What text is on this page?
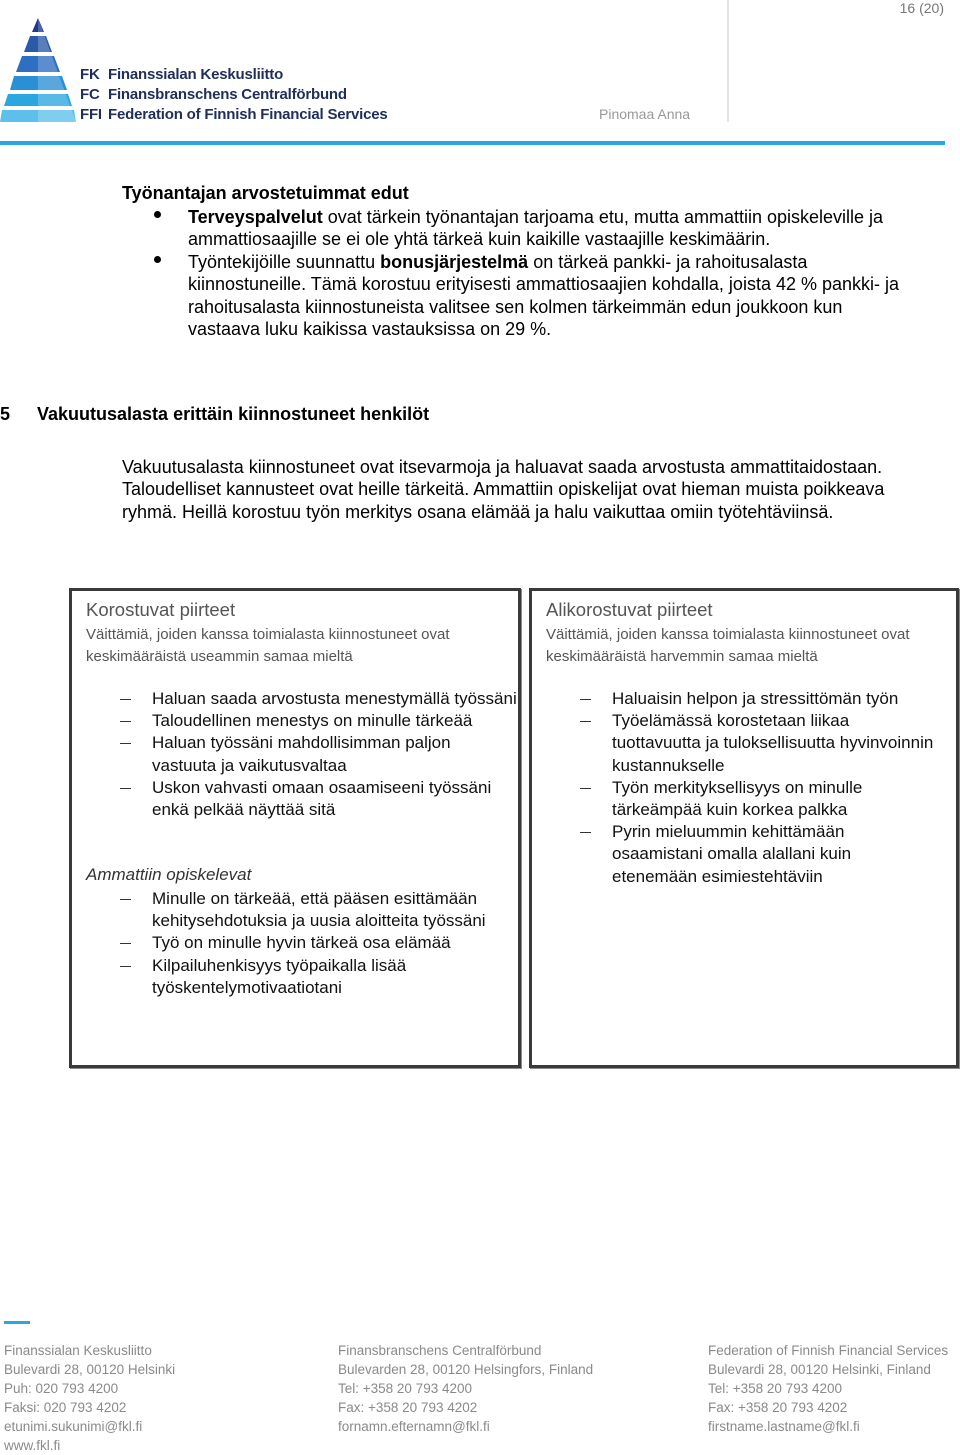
16 (20)
FK Finanssialan Keskusliitto
FC Finansbranschens Centralförbund
FFI Federation of Finnish Financial Services	Pinomaa Anna
Työnantajan arvostetuimmat edut
Terveyspalvelut ovat tärkein työnantajan tarjoama etu, mutta ammattiin opiskeleville ja ammattiosaajille se ei ole yhtä tärkeä kuin kaikille vastaajille keskimäärin.
Työntekijöille suunnattu bonusjärjestelmä on tärkeä pankki- ja rahoitusalasta kiinnostuneille. Tämä korostuu erityisesti ammattiosaajien kohdalla, joista 42 % pankki- ja rahoitusalasta kiinnostuneista valitsee sen kolmen tärkeimmän edun joukkoon kun vastaava luku kaikissa vastauksissa on 29 %.
5 Vakuutusalasta erittäin kiinnostuneet henkilöt
Vakuutusalasta kiinnostuneet ovat itsevarmoja ja haluavat saada arvostusta ammattitaidostaan. Taloudelliset kannusteet ovat heille tärkeitä. Ammattiin opiskelijat ovat hieman muista poikkeava ryhmä. Heillä korostuu työn merkitys osana elämää ja halu vaikuttaa omiin työtehtäviinsä.
Korostuvat piirteet
Väittämiä, joiden kanssa toimialasta kiinnostuneet ovat keskimääräistä useammin samaa mieltä
Haluan saada arvostusta menestymällä työssäni
Taloudellinen menestys on minulle tärkeää
Haluan työssäni mahdollisimman paljon vastuuta ja vaikutusvaltaa
Uskon vahvasti omaan osaamiseeni työssäni enkä pelkää näyttää sitä
Ammattiin opiskelevat
Minulle on tärkeää, että pääsen esittämään kehitysehdotuksia ja uusia aloitteita työssäni
Työ on minulle hyvin tärkeä osa elämää
Kilpailuhenkisyys työpaikalla lisää työskentelymotivaatiotani
Alikorostuvat piirteet
Väittämiä, joiden kanssa toimialasta kiinnostuneet ovat keskimääräistä harvemmin samaa mieltä
Haluaisin helpon ja stressittömän työn
Työelämässä korostetaan liikaa tuottavuutta ja tuloksellisuutta hyvinvoinnin kustannukselle
Työn merkityksellisyys on minulle tärkeämpää kuin korkea palkka
Pyrin mieluummin kehittämään osaamistani omalla alallani kuin etenemään esimiestehtäviin
Finanssialan Keskusliitto
Bulevardi 28, 00120 Helsinki
Puh: 020 793 4200
Faksi: 020 793 4202
etunimi.sukunimi@fkl.fi
www.fkl.fi
Finansbranschens Centralförbund
Bulevarden 28, 00120 Helsingfors, Finland
Tel: +358 20 793 4200
Fax: +358 20 793 4202
fornamn.efternamn@fkl.fi
Federation of Finnish Financial Services
Bulevardi 28, 00120 Helsinki, Finland
Tel: +358 20 793 4200
Fax: +358 20 793 4202
firstname.lastname@fkl.fi
